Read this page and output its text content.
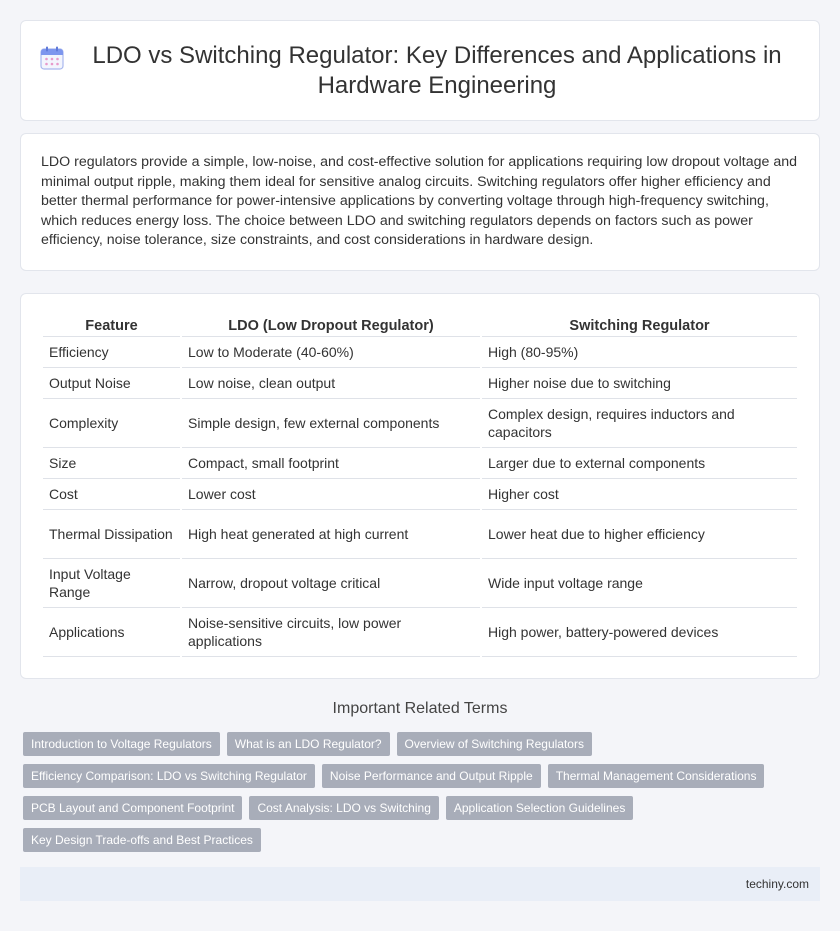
LDO vs Switching Regulator: Key Differences and Applications in Hardware Engineering

LDO regulators provide a simple, low-noise, and cost-effective solution for applications requiring low dropout voltage and minimal output ripple, making them ideal for sensitive analog circuits. Switching regulators offer higher efficiency and better thermal performance for power-intensive applications by converting voltage through high-frequency switching, which reduces energy loss. The choice between LDO and switching regulators depends on factors such as power efficiency, noise tolerance, size constraints, and cost considerations in hardware design.

Feature	LDO (Low Dropout Regulator)	Switching Regulator
Efficiency	Low to Moderate (40-60%)	High (80-95%)
Output Noise	Low noise, clean output	Higher noise due to switching
Complexity	Simple design, few external components	Complex design, requires inductors and capacitors
Size	Compact, small footprint	Larger due to external components
Cost	Lower cost	Higher cost
Thermal Dissipation	High heat generated at high current	Lower heat due to higher efficiency
Input Voltage Range	Narrow, dropout voltage critical	Wide input voltage range
Applications	Noise-sensitive circuits, low power applications	High power, battery-powered devices
Important Related Terms
Introduction to Voltage Regulators	What is an LDO Regulator?	Overview of Switching Regulators
Efficiency Comparison: LDO vs Switching Regulator	Noise Performance and Output Ripple	Thermal Management Considerations
PCB Layout and Component Footprint	Cost Analysis: LDO vs Switching	Application Selection Guidelines
Key Design Trade-offs and Best Practices
techiny.com
